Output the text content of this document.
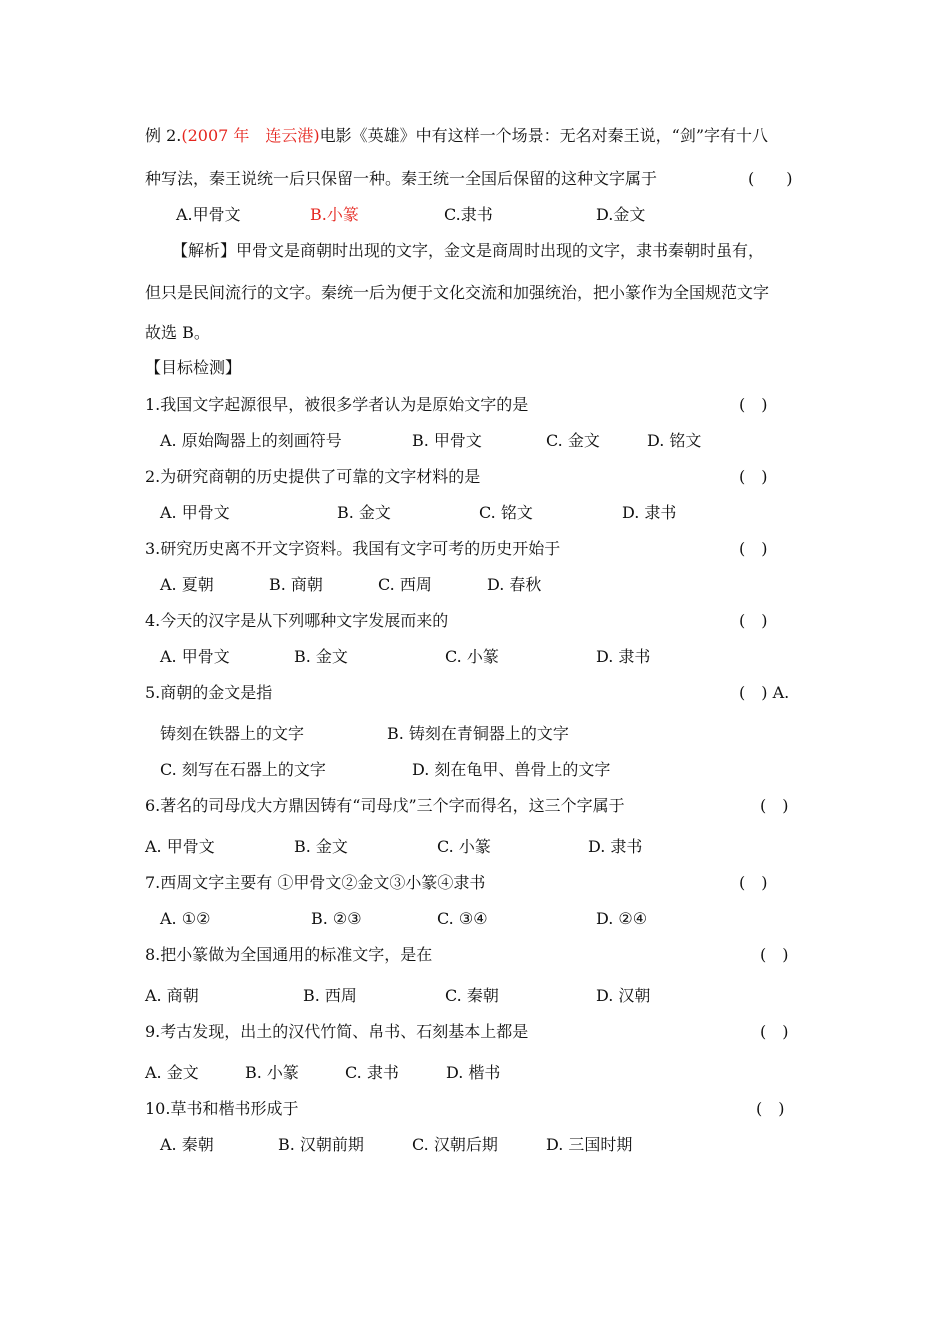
例 2.(2007 年　连云港)电影《英雄》中有这样一个场景：无名对秦王说，“剑”字有十八
种写法，秦王说统一后只保留一种。秦王统一全国后保留的这种文字属于	(　　)
A.甲骨文	B.小篆	C.隶书	D.金文
【解析】甲骨文是商朝时出现的文字，金文是商周时出现的文字，隶书秦朝时虽有，
但只是民间流行的文字。秦统一后为便于文化交流和加强统治，把小篆作为全国规范文字
故选 B。
【目标检测】
1.我国文字起源很早，被很多学者认为是原始文字的是	(　)
A. 原始陶器上的刻画符号	B. 甲骨文	C. 金文	D. 铭文
2.为研究商朝的历史提供了可靠的文字材料的是	(　)
A. 甲骨文	B. 金文	C. 铭文	D. 隶书
3.研究历史离不开文字资料。我国有文字可考的历史开始于	(　)
A. 夏朝	B. 商朝	C. 西周	D. 春秋
4.今天的汉字是从下列哪种文字发展而来的	(　)
A. 甲骨文	B. 金文	C. 小篆	D. 隶书
5.商朝的金文是指	(　) A.
铸刻在铁器上的文字	B. 铸刻在青铜器上的文字
C. 刻写在石器上的文字	D. 刻在龟甲、兽骨上的文字
6.著名的司母戊大方鼎因铸有“司母戊”三个字而得名，这三个字属于	(　)
A. 甲骨文	B. 金文	C. 小篆	D. 隶书
7.西周文字主要有 ①甲骨文②金文③小篆④隶书	(　)
A. ①②	B. ②③	C. ③④	D. ②④
8.把小篆做为全国通用的标准文字，是在	(　)
A. 商朝	B. 西周	C. 秦朝	D. 汉朝
9.考古发现，出土的汉代竹简、帛书、石刻基本上都是	(　)
A. 金文	B. 小篆	C. 隶书	D. 楷书
10.草书和楷书形成于	(　)
A. 秦朝	B. 汉朝前期	C. 汉朝后期	D. 三国时期
